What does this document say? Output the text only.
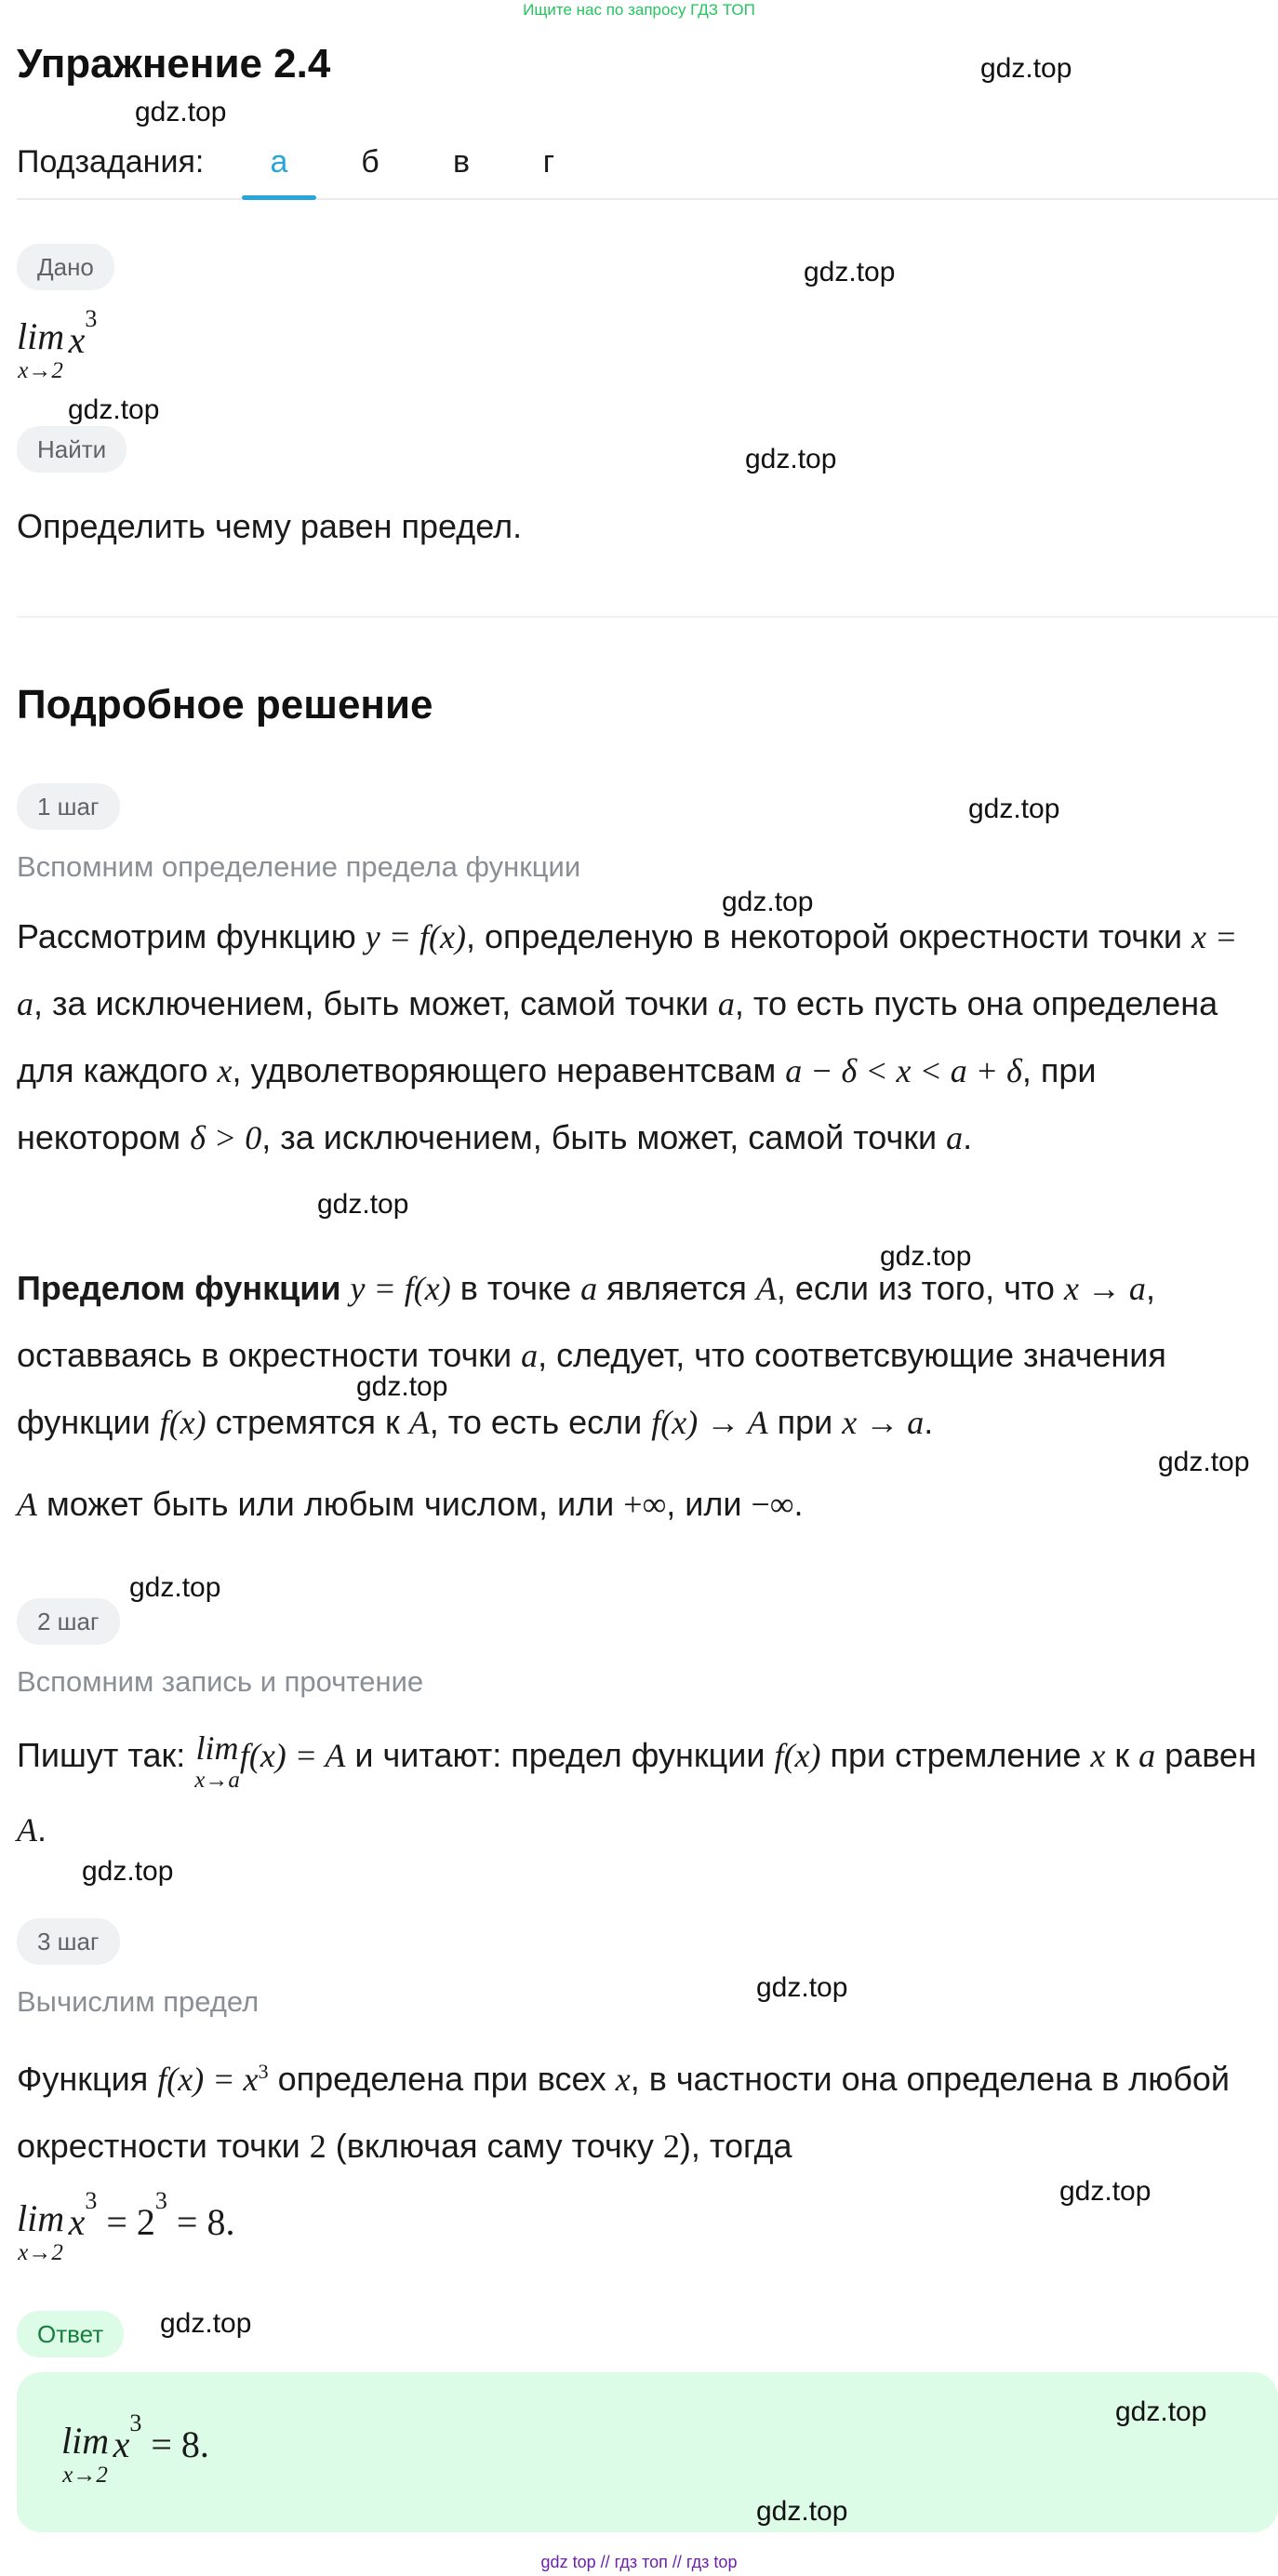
Ищите нас по запросу ГДЗ ТОП
Упражнение 2.4
Подзадания:	а	б	в	г
Дано
lim
x→2
$x^3$
Найти
Определить чему равен предел.
Подробное решение
1 шаг
Вспомним определение предела функции
Рассмотрим функцию y = f(x), определеную в некоторой окрестности точки x = a, за исключением, быть может, самой точки a, то есть пусть она определена для каждого x, удволетворяющего неравентсвам a − δ < x < a + δ, при некотором δ > 0, за исключением, быть может, самой точки a.
Пределом функции y = f(x) в точке a является A, если из того, что x → a, оставваясь в окрестности точки a, следует, что соответсвующие значения функции f(x) стремятся к A, то есть если f(x) → A при x → a.
A может быть или любым числом, или +∞, или −∞.
2 шаг
Вспомним запись и прочтение
Пишут так: lim
x→a
f(x) = A и читают: предел функции f(x) при стремление x к a равен A.
3 шаг
Вычислим предел
Функция $f(x) = x^3$ определена при всех x, в частности она определена в любой окрестности точки 2 (включая саму точку 2), тогда
lim
x→2
$x^3 = 2^3 = 8$.
Ответ
lim
x→2
$x^3 = 8$.
gdz.top
gdz.top
gdz.top
gdz.top
gdz.top
gdz.top
gdz.top
gdz.top
gdz.top
gdz.top
gdz.top
gdz.top
gdz.top
gdz.top
gdz.top
gdz.top
gdz.top
gdz.top
gdz top // гдз топ // гдз top
